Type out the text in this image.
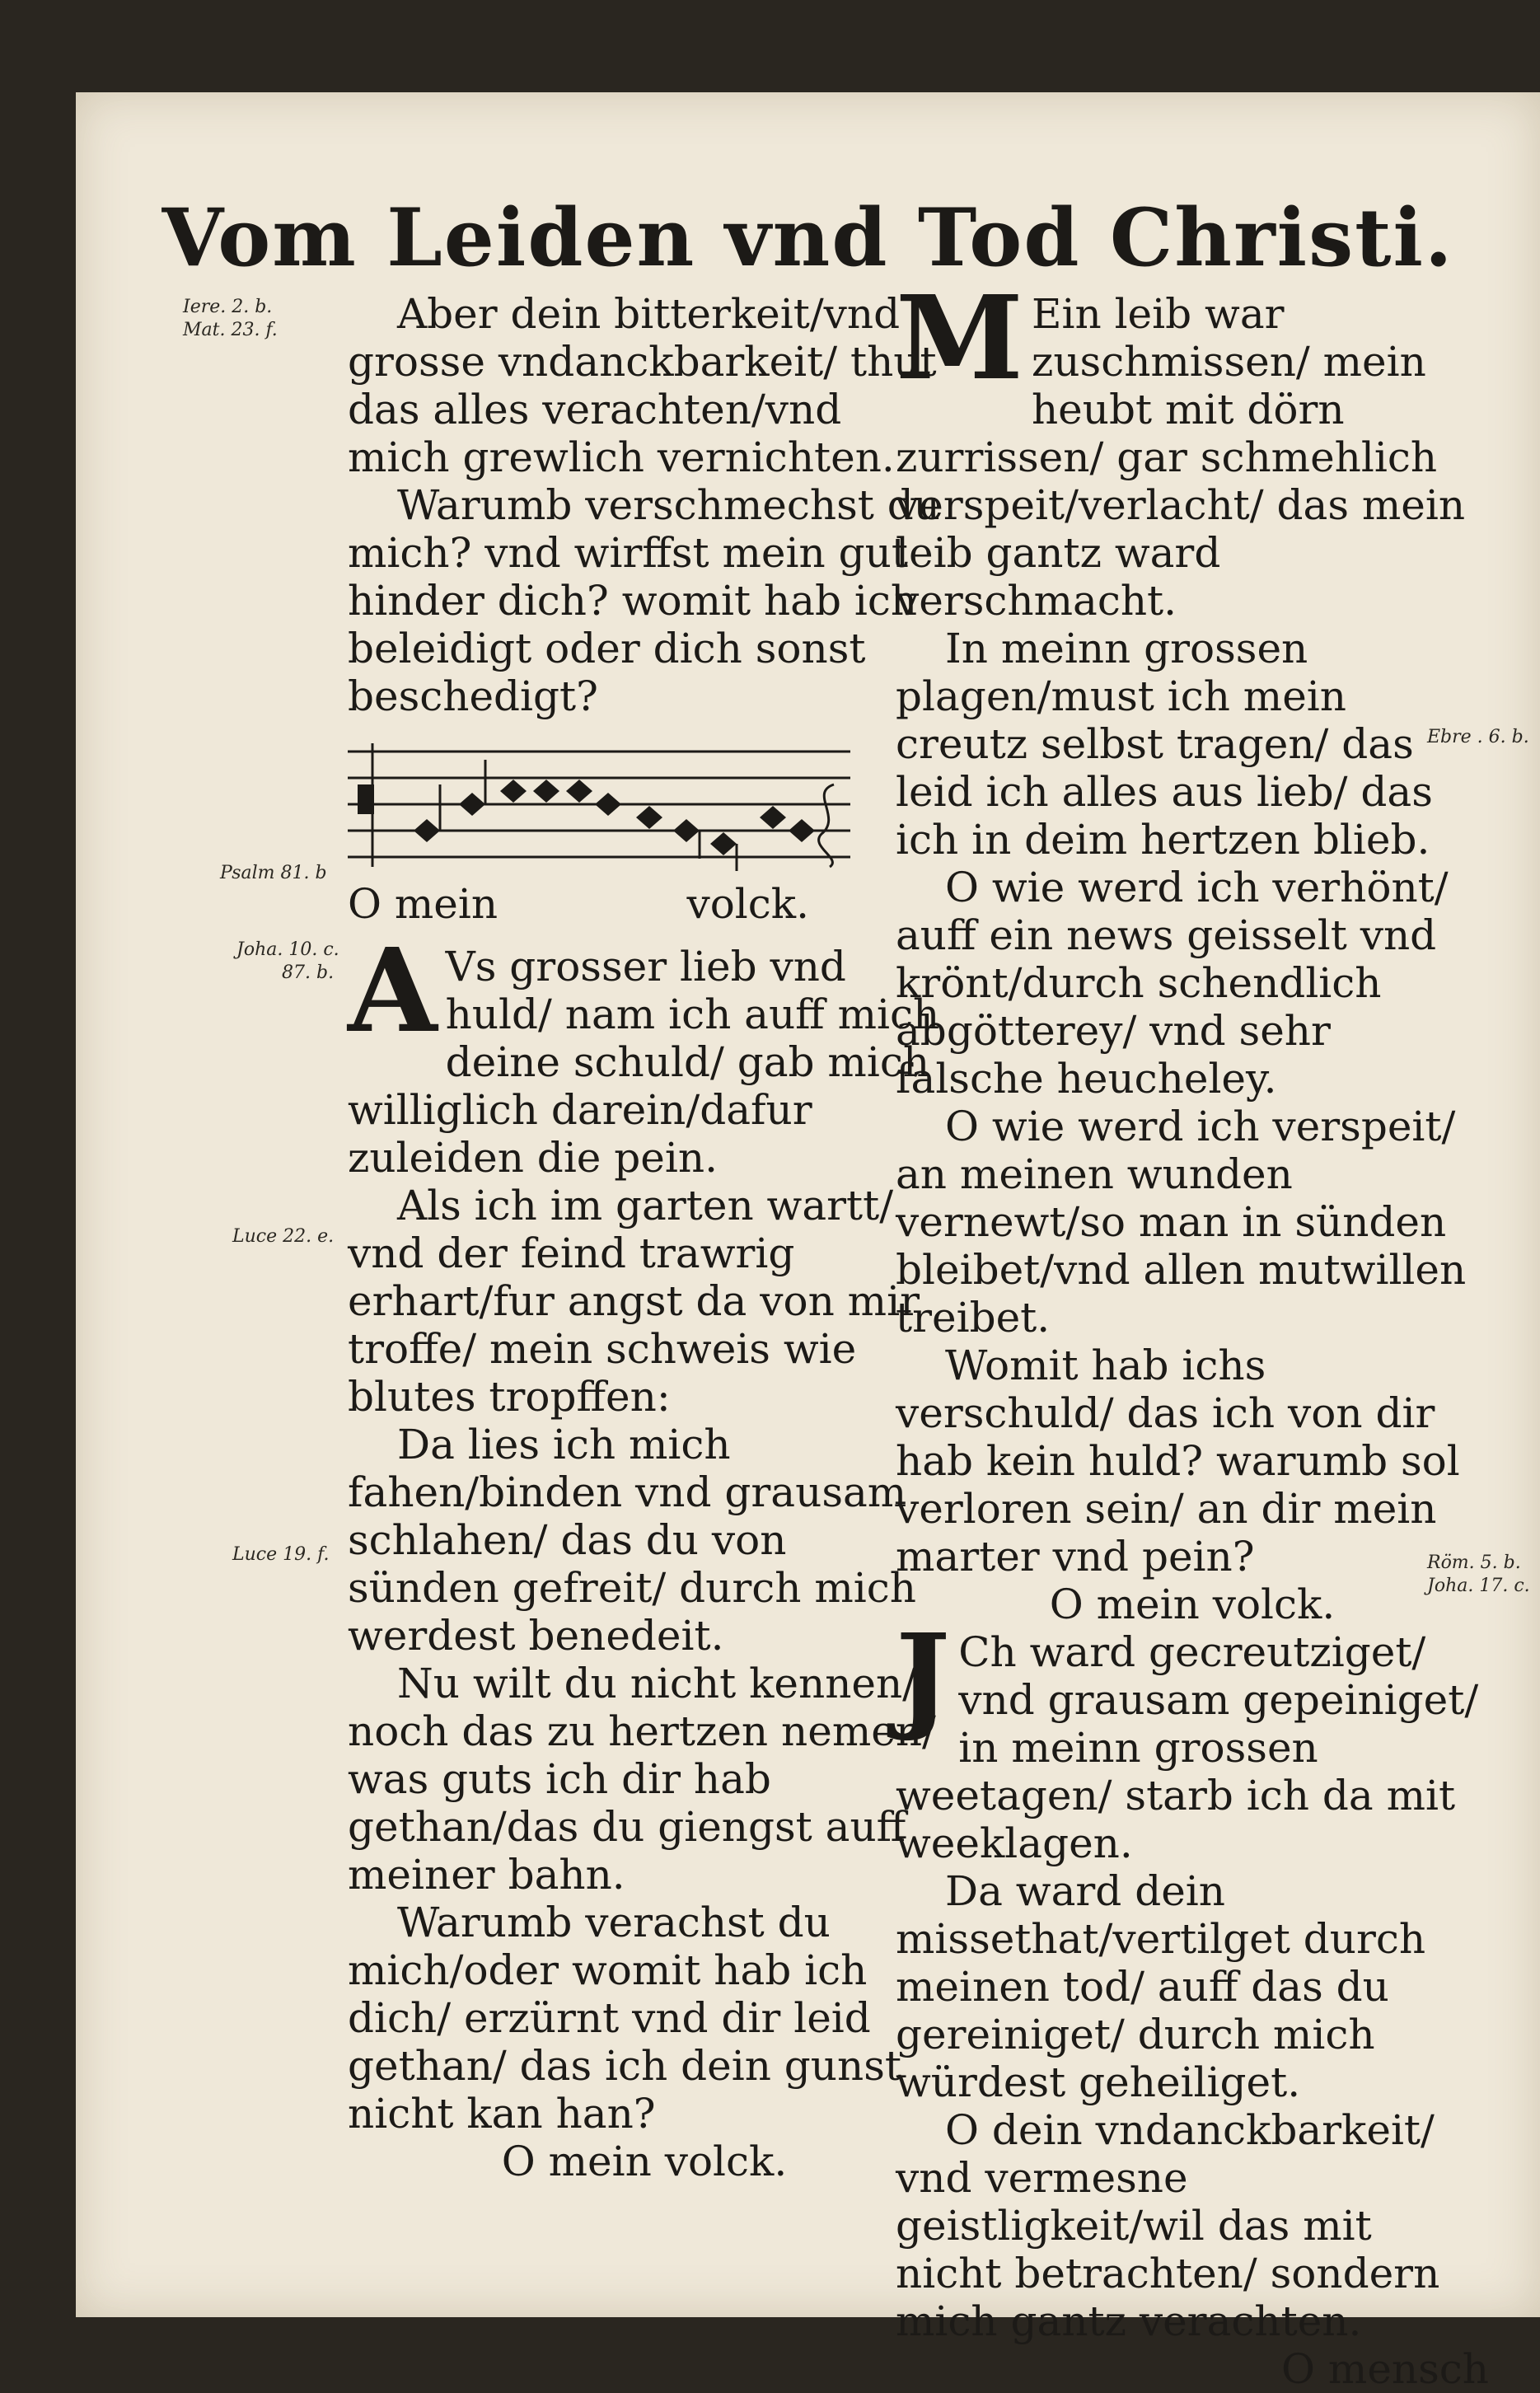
Vom Leiden vnd Tod Christi.
Iere. 2. b.
Mat. 23. f.
Psalm 81. b
Joha. 10. c.
87. b.
Luce 22. e.
Luce 19. f.
Ebre . 6. b.
Röm. 5. b.
Joha. 17. c.

Aber dein bitterkeit/vnd grosse vndanckbarkeit/ thut das alles verachten/vnd mich grewlich vernichten.

Warumb verschmechst du mich? vnd wirffst mein gut hinder dich? womit hab ich beleidigt oder dich sonst beschedigt?

O mein	volck.

A Vs grosser lieb vnd huld/ nam ich auff mich deine schuld/ gab mich williglich darein/dafur zuleiden die pein.

Als ich im garten wartt/ vnd der feind trawrig erhart/fur angst da von mir troffe/ mein schweis wie blutes tropffen:

Da lies ich mich fahen/binden vnd grausam schlahen/ das du von sünden gefreit/ durch mich werdest benedeit.

Nu wilt du nicht kennen/ noch das zu hertzen nemen/ was guts ich dir hab gethan/das du giengst auff meiner bahn.

Warumb verachst du mich/oder womit hab ich dich/ erzürnt vnd dir leid gethan/ das ich dein gunst nicht kan han?

O mein volck.

M Ein leib war zuschmissen/ mein heubt mit dörn zurrissen/ gar schmehlich verspeit/verlacht/ das mein leib gantz ward verschmacht.

In meinn grossen plagen/must ich mein creutz selbst tragen/ das leid ich alles aus lieb/ das ich in deim hertzen blieb.

O wie werd ich verhönt/ auff ein news geisselt vnd krönt/durch schendlich abgötterey/ vnd sehr falsche heucheley.

O wie werd ich verspeit/ an meinen wunden vernewt/so man in sünden bleibet/vnd allen mutwillen treibet.

Womit hab ichs verschuld/ das ich von dir hab kein huld? warumb sol verloren sein/ an dir mein marter vnd pein?

O mein volck.

J Ch ward gecreutziget/ vnd grausam gepeiniget/ in meinn grossen weetagen/ starb ich da mit weeklagen.

Da ward dein missethat/vertilget durch meinen tod/ auff das du gereiniget/ durch mich würdest geheiliget.

O dein vndanckbarkeit/ vnd vermesne geistligkeit/wil das mit nicht betrachten/ sondern mich gantz verachten.

O mensch
